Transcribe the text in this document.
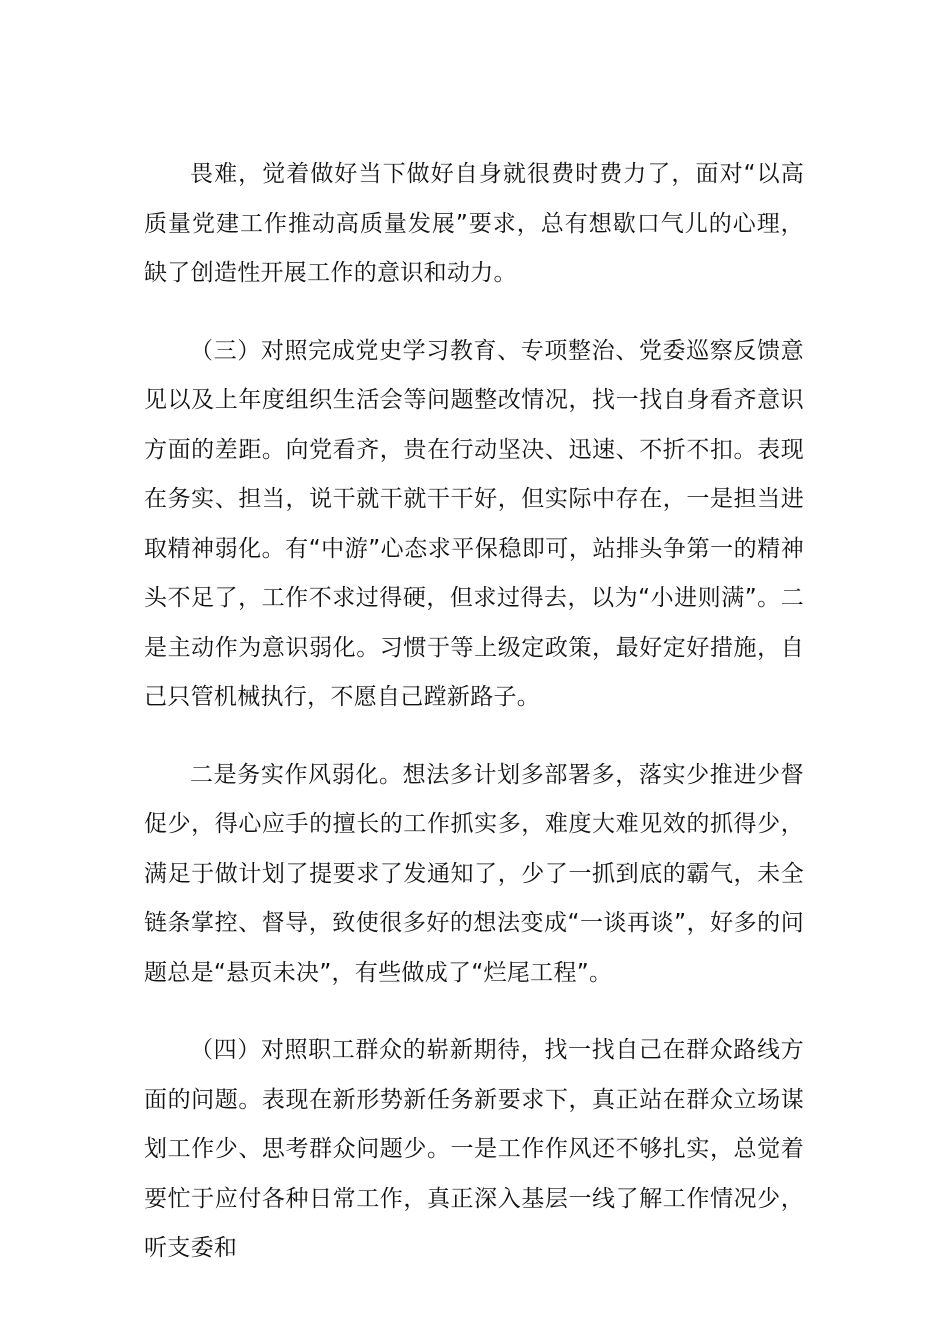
畏难，觉着做好当下做好自身就很费时费力了，面对“以高质量党建工作推动高质量发展”要求，总有想歇口气儿的心理，缺了创造性开展工作的意识和动力。

（三）对照完成党史学习教育、专项整治、党委巡察反馈意见以及上年度组织生活会等问题整改情况，找一找自身看齐意识方面的差距。向党看齐，贵在行动坚决、迅速、不折不扣。表现在务实、担当，说干就干就干干好，但实际中存在，一是担当进取精神弱化。有“中游”心态求平保稳即可，站排头争第一的精神头不足了，工作不求过得硬，但求过得去，以为“小进则满”。二是主动作为意识弱化。习惯于等上级定政策，最好定好措施，自己只管机械执行，不愿自己蹚新路子。

二是务实作风弱化。想法多计划多部署多，落实少推进少督促少，得心应手的擅长的工作抓实多，难度大难见效的抓得少，满足于做计划了提要求了发通知了，少了一抓到底的霸气，未全链条掌控、督导，致使很多好的想法变成“一谈再谈”，好多的问题总是“悬页未决”，有些做成了“烂尾工程”。

（四）对照职工群众的崭新期待，找一找自己在群众路线方面的问题。表现在新形势新任务新要求下，真正站在群众立场谋划工作少、思考群众问题少。一是工作作风还不够扎实，总觉着要忙于应付各种日常工作，真正深入基层一线了解工作情况少，听支委和
